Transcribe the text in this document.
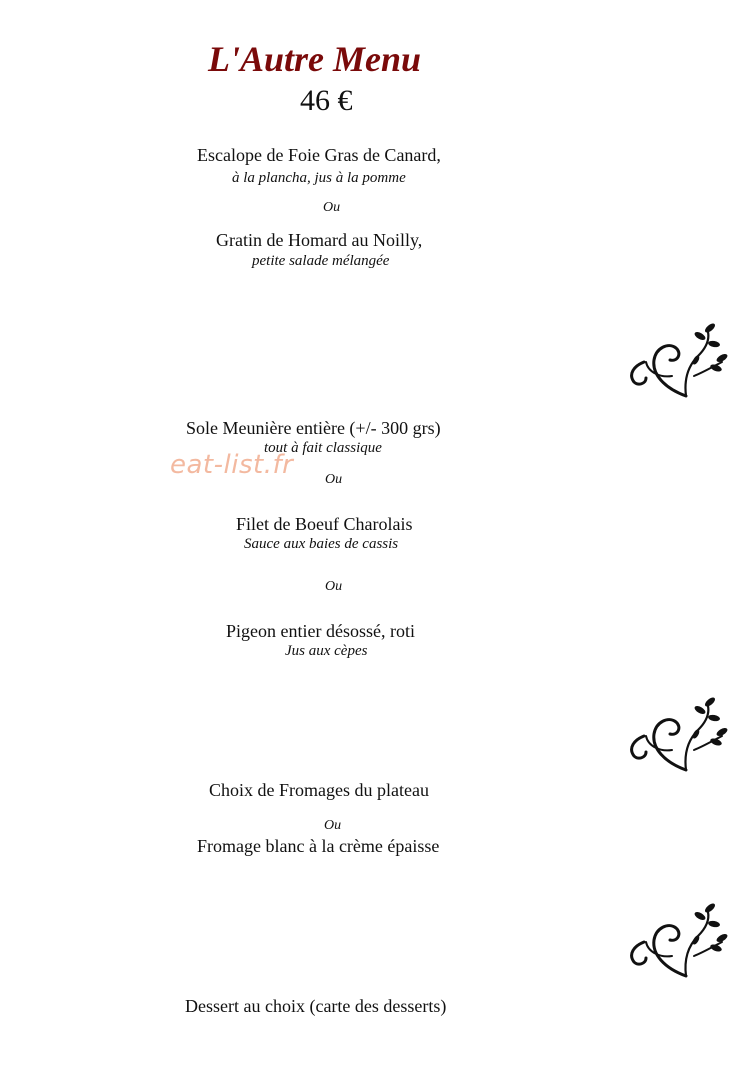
L'Autre Menu
46 €
Escalope de Foie Gras de Canard,
à la plancha, jus à la pomme
Ou
Gratin de Homard au Noilly,
petite salade mélangée
Sole Meunière entière (+/- 300 grs)
tout à fait classique
eat-list.fr Ou
Filet de Boeuf Charolais
Sauce aux baies de cassis
Ou
Pigeon entier désossé, roti
Jus aux cèpes
Choix de Fromages du plateau
Ou
Fromage blanc à la crème épaisse
Dessert au choix (carte des desserts)
